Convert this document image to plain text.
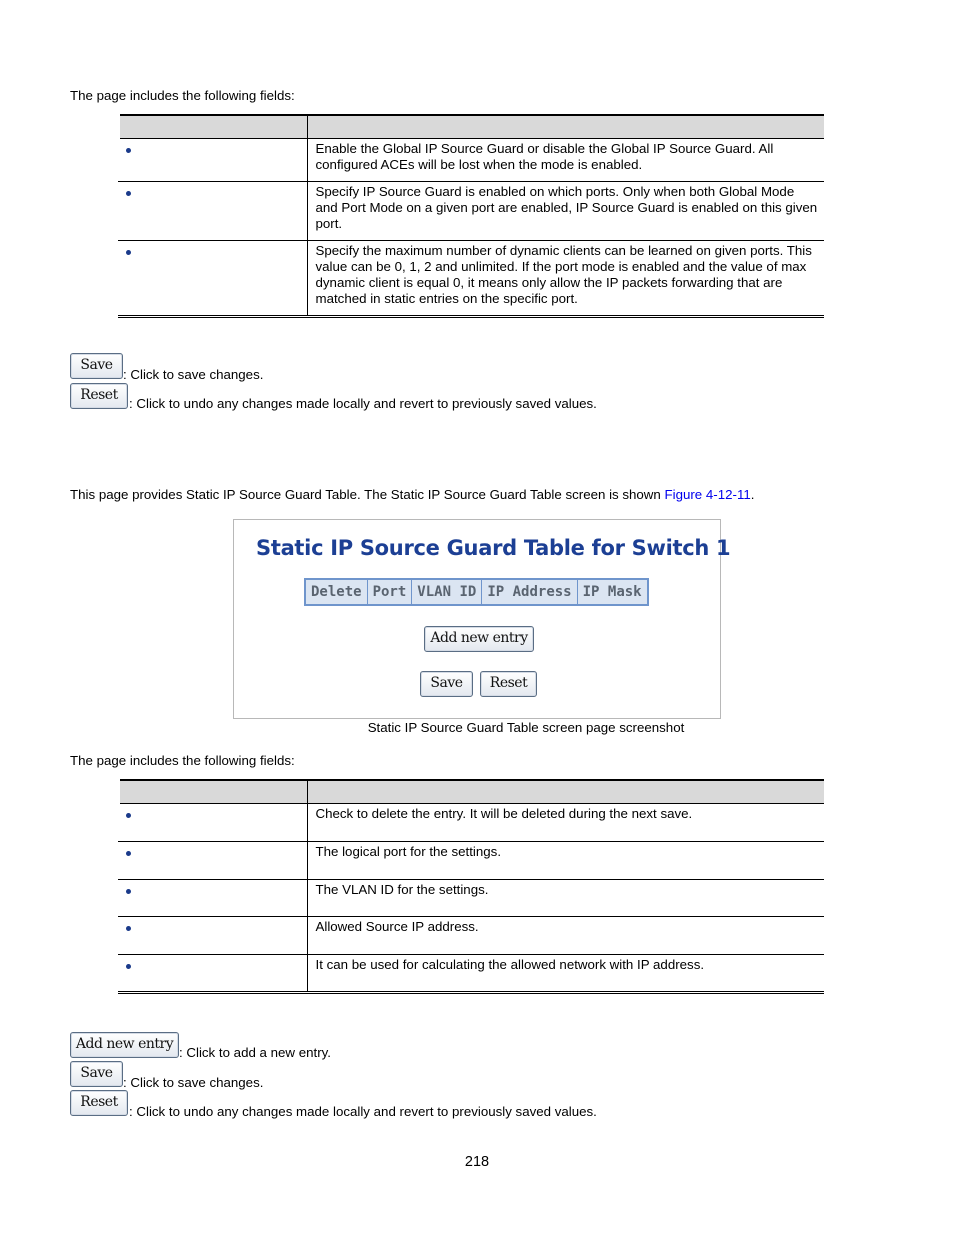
The page includes the following fields:

	Enable the Global IP Source Guard or disable the Global IP Source Guard. All configured ACEs will be lost when the mode is enabled.
	Specify IP Source Guard is enabled on which ports. Only when both Global Mode and Port Mode on a given port are enabled, IP Source Guard is enabled on this given port.
	Specify the maximum number of dynamic clients can be learned on given ports. This value can be 0, 1, 2 and unlimited. If the port mode is enabled and the value of max dynamic client is equal 0, it means only allow the IP packets forwarding that are matched in static entries on the specific port.
Save
: Click to save changes.
Reset
: Click to undo any changes made locally and revert to previously saved values.
This page provides Static IP Source Guard Table. The Static IP Source Guard Table screen is shown Figure 4-12-11.
Static IP Source Guard Table for Switch 1
Delete Port VLAN ID IP Address IP Mask
Add new entry
Save	Reset
Static IP Source Guard Table screen page screenshot
The page includes the following fields:

	Check to delete the entry. It will be deleted during the next save.
	The logical port for the settings.
	The VLAN ID for the settings.
	Allowed Source IP address.
	It can be used for calculating the allowed network with IP address.
Add new entry
: Click to add a new entry.
Save
: Click to save changes.
Reset
: Click to undo any changes made locally and revert to previously saved values.
218
